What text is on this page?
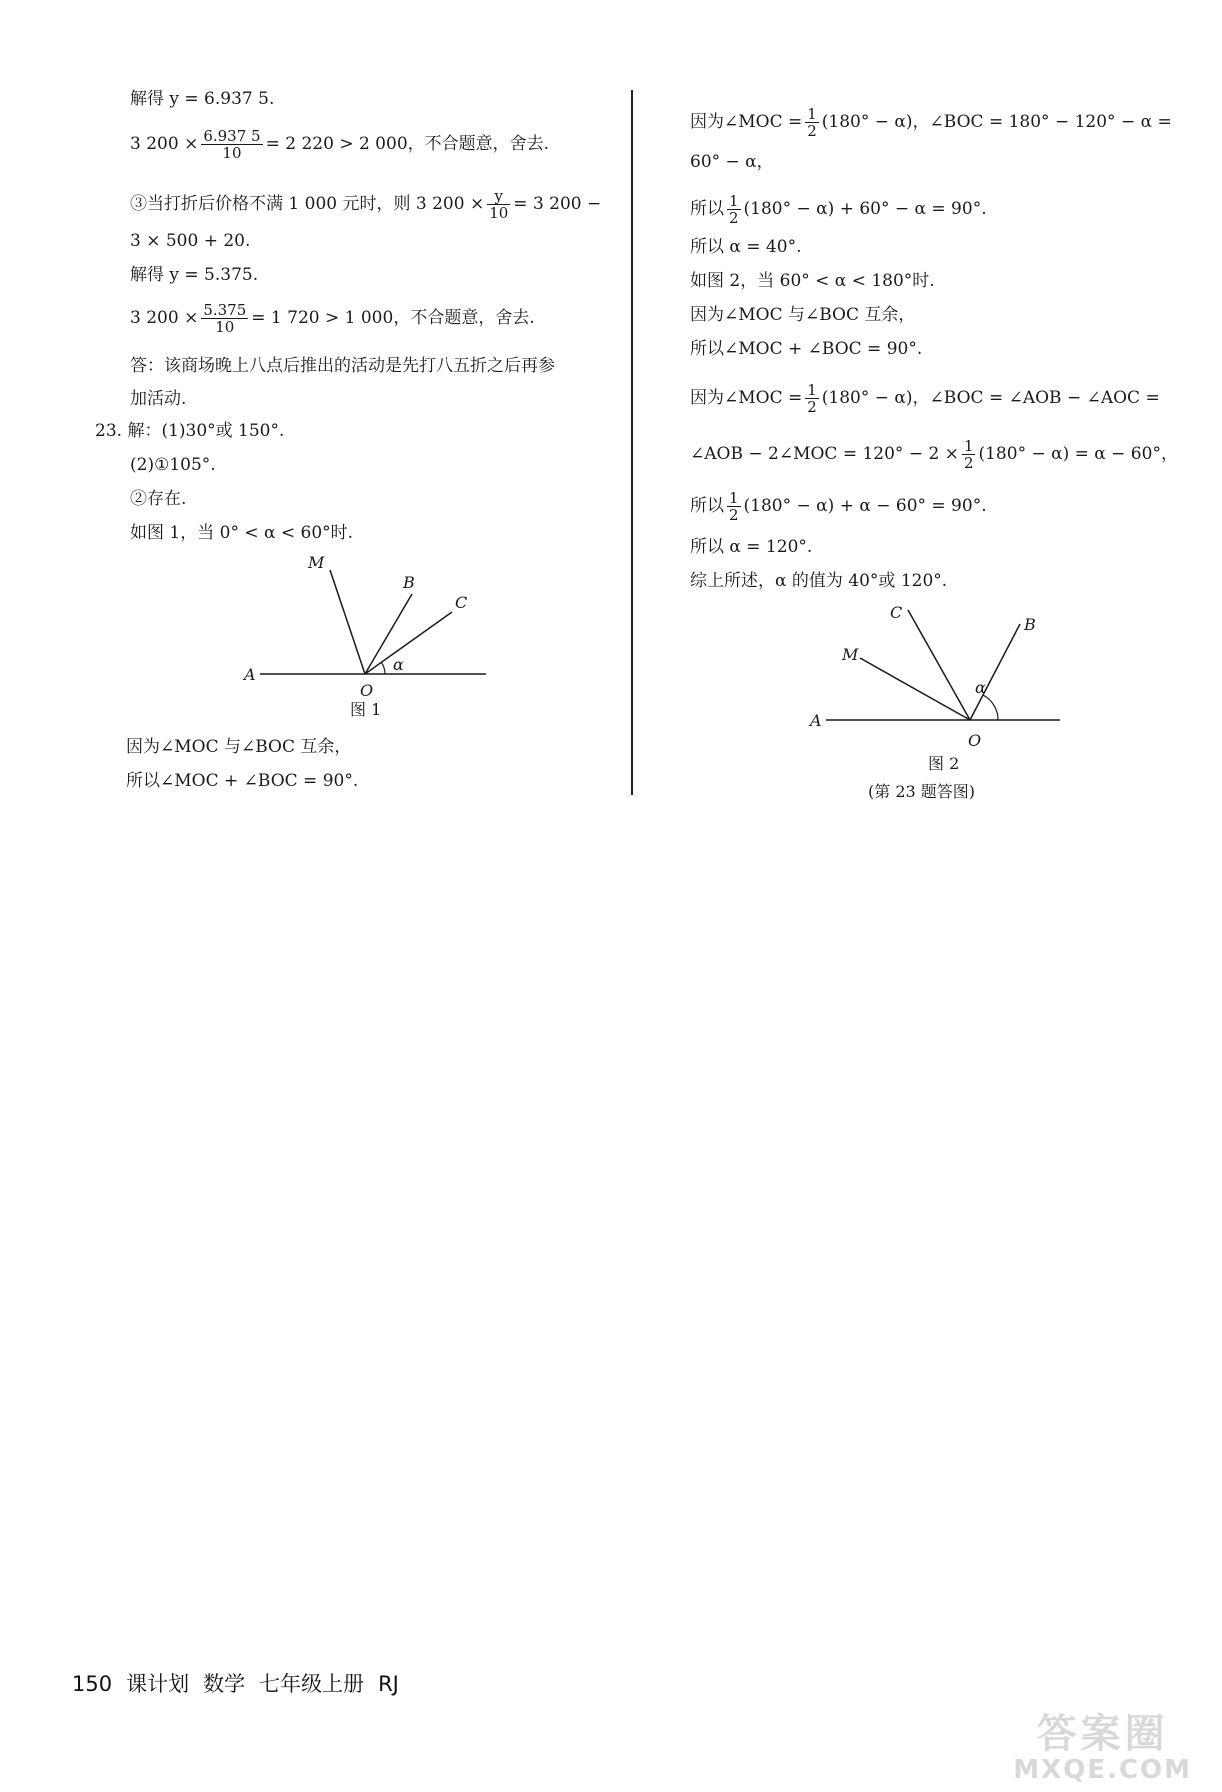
解得 y = 6.937 5.
3 $200 \times \frac{6.937 5}{10} = 2$ 220 > 2 000，不合题意，舍去.
③当打折后价格不满 1 000 元时，则 3 $200 \times \frac{y}{10} = 3$ 200 −
3 × 500 + 20.
解得 y = 5.375.
3 $200 \times \frac{5.375}{10} = 1$ 720 > 1 000，不合题意，舍去.
答：该商场晚上八点后推出的活动是先打八五折之后再参
加活动.
23. 解：(1)30°或 150°.
(2)①105°.
②存在.
如图 1，当 0° < α < 60°时.
M
B
C
A
O
α
图 1
因为∠MOC 与∠BOC 互余，
所以∠MOC + ∠BOC = 90°.
因为∠MOC = $\frac{1}{2} (180^\circ - \alpha)$，∠BOC = 180° − 120° − α =
60° − α，
所以 $\frac{1}{2} (180^\circ - \alpha) + 60^\circ - \alpha = 90^\circ$.
所以 α = 40°.
如图 2，当 60° < α < 180°时.
因为∠MOC 与∠BOC 互余，
所以∠MOC + ∠BOC = 90°.
因为∠MOC = $\frac{1}{2} (180^\circ - \alpha)$，∠BOC = ∠AOB − ∠AOC =
∠AOB − 2∠MOC = $120^\circ - 2 \times \frac{1}{2} (180^\circ - \alpha) = \alpha - 60^\circ$，
所以 $\frac{1}{2} (180^\circ - \alpha) + \alpha - 60^\circ = 90^\circ$.
所以 α = 120°.
综上所述，α 的值为 40°或 120°.
C
B
M
A
O
α
图 2
(第 23 题答图)
150 课计划 数学 七年级上册 RJ
答案圈
MXQE.COM
